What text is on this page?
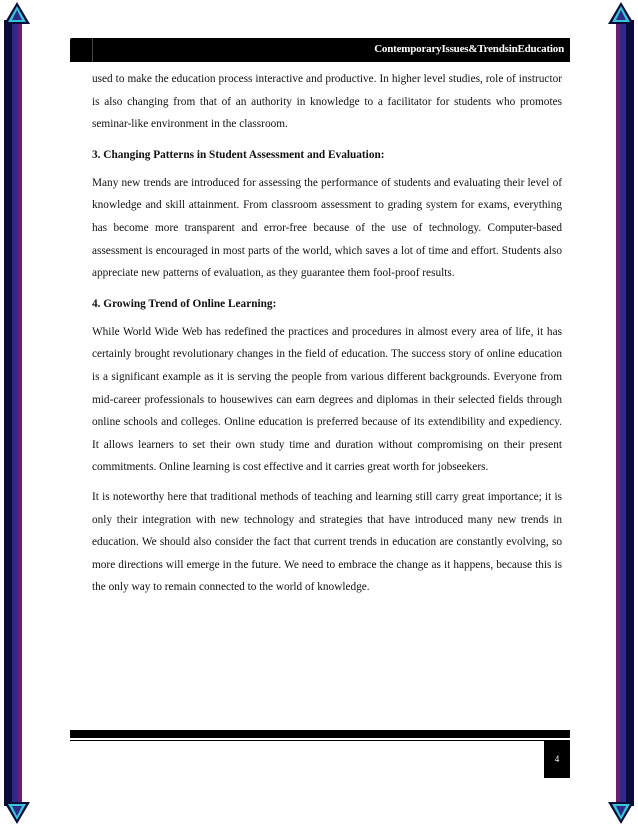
ContemporaryIssues&TrendsinEducation

used to make the education process interactive and productive. In higher level studies, role of instructor is also changing from that of an authority in knowledge to a facilitator for students who promotes seminar-like environment in the classroom.

3. Changing Patterns in Student Assessment and Evaluation:

Many new trends are introduced for assessing the performance of students and evaluating their level of knowledge and skill attainment. From classroom assessment to grading system for exams, everything has become more transparent and error-free because of the use of technology. Computer-based assessment is encouraged in most parts of the world, which saves a lot of time and effort. Students also appreciate new patterns of evaluation, as they guarantee them fool-proof results.

4. Growing Trend of Online Learning:

While World Wide Web has redefined the practices and procedures in almost every area of life, it has certainly brought revolutionary changes in the field of education. The success story of online education is a significant example as it is serving the people from various different backgrounds. Everyone from mid-career professionals to housewives can earn degrees and diplomas in their selected fields through online schools and colleges. Online education is preferred because of its extendibility and expediency. It allows learners to set their own study time and duration without compromising on their present commitments. Online learning is cost effective and it carries great worth for jobseekers.

It is noteworthy here that traditional methods of teaching and learning still carry great importance; it is only their integration with new technology and strategies that have introduced many new trends in education. We should also consider the fact that current trends in education are constantly evolving, so more directions will emerge in the future. We need to embrace the change as it happens, because this is the only way to remain connected to the world of knowledge.

4
